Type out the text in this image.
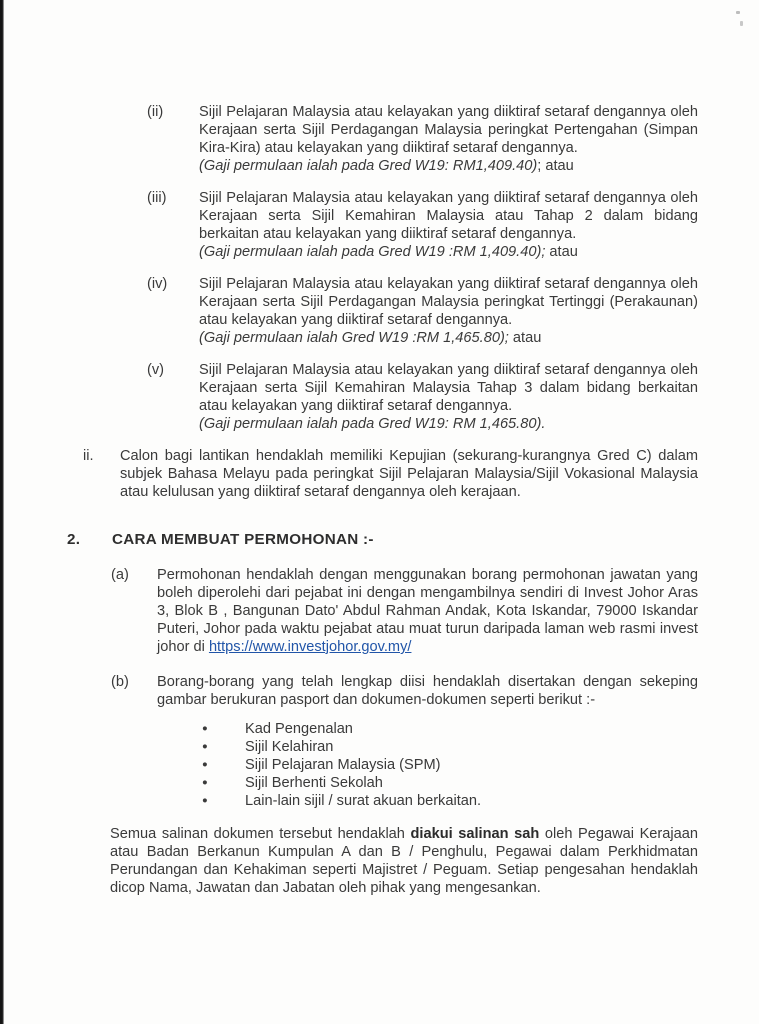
(ii) Sijil Pelajaran Malaysia atau kelayakan yang diiktiraf setaraf dengannya oleh Kerajaan serta Sijil Perdagangan Malaysia peringkat Pertengahan (Simpan Kira-Kira) atau kelayakan yang diiktiraf setaraf dengannya.
(Gaji permulaan ialah pada Gred W19: RM1,409.40); atau
(iii) Sijil Pelajaran Malaysia atau kelayakan yang diiktiraf setaraf dengannya oleh Kerajaan serta Sijil Kemahiran Malaysia atau Tahap 2 dalam bidang berkaitan atau kelayakan yang diiktiraf setaraf dengannya.
(Gaji permulaan ialah pada Gred W19 :RM 1,409.40); atau
(iv) Sijil Pelajaran Malaysia atau kelayakan yang diiktiraf setaraf dengannya oleh Kerajaan serta Sijil Perdagangan Malaysia peringkat Tertinggi (Perakaunan) atau kelayakan yang diiktiraf setaraf dengannya.
(Gaji permulaan ialah Gred W19 :RM 1,465.80); atau
(v) Sijil Pelajaran Malaysia atau kelayakan yang diiktiraf setaraf dengannya oleh Kerajaan serta Sijil Kemahiran Malaysia Tahap 3 dalam bidang berkaitan atau kelayakan yang diiktiraf setaraf dengannya.
(Gaji permulaan ialah pada Gred W19: RM 1,465.80).
ii. Calon bagi lantikan hendaklah memiliki Kepujian (sekurang-kurangnya Gred C) dalam subjek Bahasa Melayu pada peringkat Sijil Pelajaran Malaysia/Sijil Vokasional Malaysia atau kelulusan yang diiktiraf setaraf dengannya oleh kerajaan.
2. CARA MEMBUAT PERMOHONAN :-
(a) Permohonan hendaklah dengan menggunakan borang permohonan jawatan yang boleh diperolehi dari pejabat ini dengan mengambilnya sendiri di Invest Johor Aras 3, Blok B , Bangunan Dato' Abdul Rahman Andak, Kota Iskandar, 79000 Iskandar Puteri, Johor pada waktu pejabat atau muat turun daripada laman web rasmi invest johor di https://www.investjohor.gov.my/
(b) Borang-borang yang telah lengkap diisi hendaklah disertakan dengan sekeping gambar berukuran pasport dan dokumen-dokumen seperti berikut :-
●	Kad Pengenalan
●	Sijil Kelahiran
●	Sijil Pelajaran Malaysia (SPM)
●	Sijil Berhenti Sekolah
●	Lain-lain sijil / surat akuan berkaitan.

Semua salinan dokumen tersebut hendaklah diakui salinan sah oleh Pegawai Kerajaan atau Badan Berkanun Kumpulan A dan B / Penghulu, Pegawai dalam Perkhidmatan Perundangan dan Kehakiman seperti Majistret / Peguam. Setiap pengesahan hendaklah dicop Nama, Jawatan dan Jabatan oleh pihak yang mengesankan.
